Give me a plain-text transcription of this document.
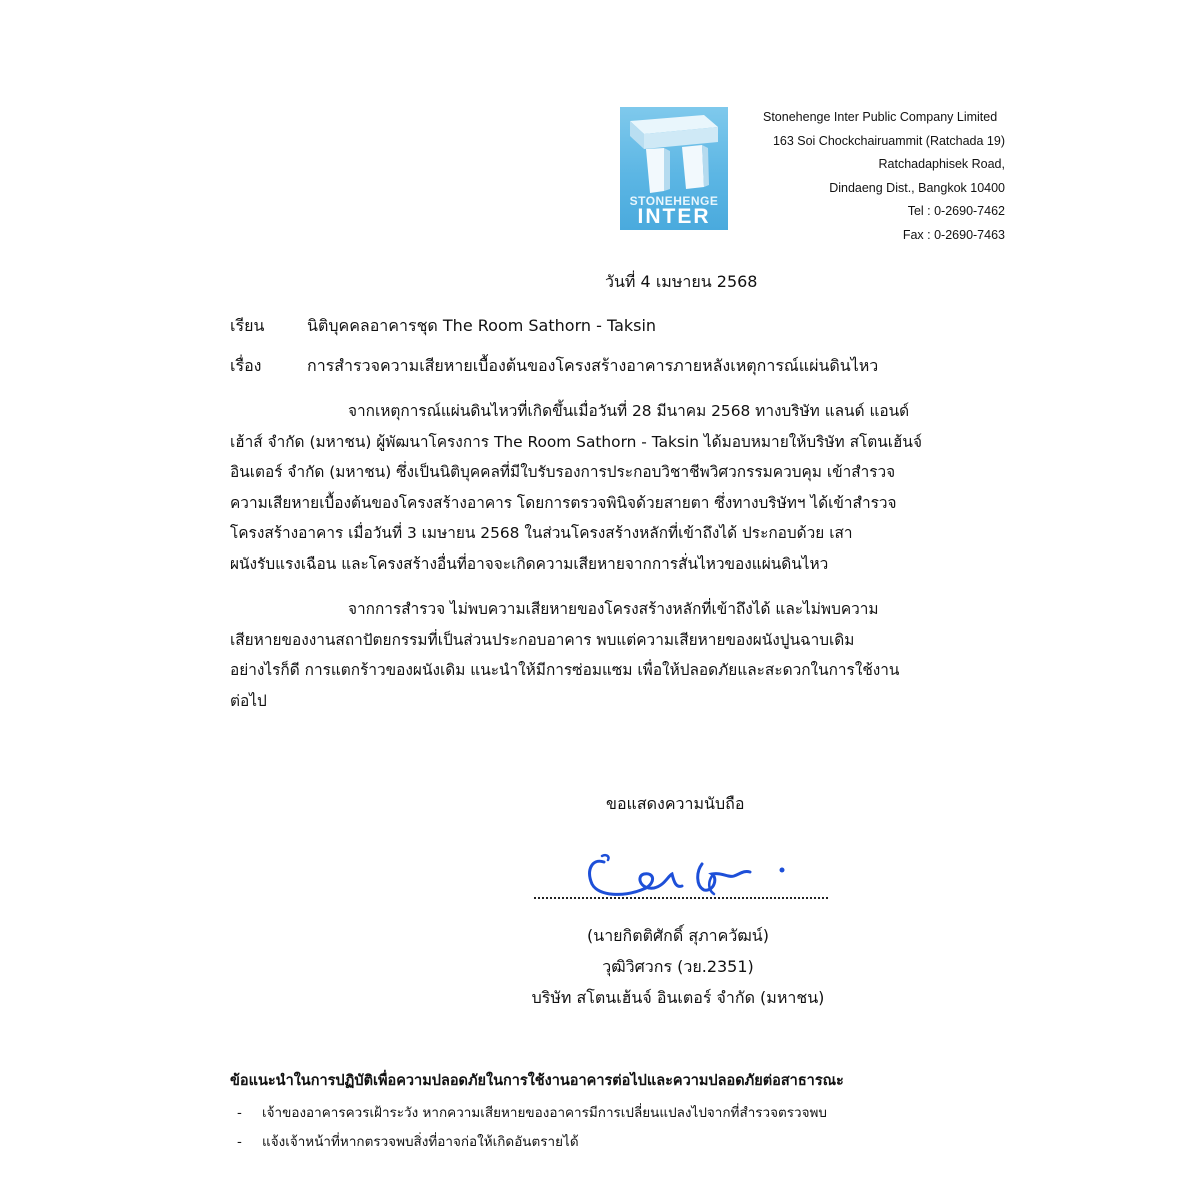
STONEHENGE
INTER
Stonehenge Inter Public Company Limited
163 Soi Chockchairuammit (Ratchada 19)
Ratchadaphisek Road,
Dindaeng Dist., Bangkok 10400
Tel : 0-2690-7462
Fax : 0-2690-7463
วันที่ 4 เมษายน 2568
เรียน	นิติบุคคลอาคารชุด The Room Sathorn - Taksin
เรื่อง	การสำรวจความเสียหายเบื้องต้นของโครงสร้างอาคารภายหลังเหตุการณ์แผ่นดินไหว
จากเหตุการณ์แผ่นดินไหวที่เกิดขึ้นเมื่อวันที่ 28 มีนาคม 2568 ทางบริษัท แลนด์ แอนด์
เฮ้าส์ จำกัด (มหาชน) ผู้พัฒนาโครงการ The Room Sathorn - Taksin ได้มอบหมายให้บริษัท สโตนเฮ้นจ์
อินเตอร์ จำกัด (มหาชน) ซึ่งเป็นนิติบุคคลที่มีใบรับรองการประกอบวิชาชีพวิศวกรรมควบคุม เข้าสำรวจ
ความเสียหายเบื้องต้นของโครงสร้างอาคาร โดยการตรวจพินิจด้วยสายตา ซึ่งทางบริษัทฯ ได้เข้าสำรวจ
โครงสร้างอาคาร เมื่อวันที่ 3 เมษายน 2568 ในส่วนโครงสร้างหลักที่เข้าถึงได้ ประกอบด้วย เสา
ผนังรับแรงเฉือน และโครงสร้างอื่นที่อาจจะเกิดความเสียหายจากการสั่นไหวของแผ่นดินไหว
จากการสำรวจ ไม่พบความเสียหายของโครงสร้างหลักที่เข้าถึงได้ และไม่พบความ
เสียหายของงานสถาปัตยกรรมที่เป็นส่วนประกอบอาคาร พบแต่ความเสียหายของผนังปูนฉาบเดิม
อย่างไรก็ดี การแตกร้าวของผนังเดิม แนะนำให้มีการซ่อมแซม เพื่อให้ปลอดภัยและสะดวกในการใช้งาน
ต่อไป
ขอแสดงความนับถือ
(นายกิตติศักดิ์ สุภาควัฒน์)
วุฒิวิศวกร (วย.2351)
บริษัท สโตนเฮ้นจ์ อินเตอร์ จำกัด (มหาชน)
ข้อแนะนำในการปฏิบัติเพื่อความปลอดภัยในการใช้งานอาคารต่อไปและความปลอดภัยต่อสาธารณะ
- เจ้าของอาคารควรเฝ้าระวัง หากความเสียหายของอาคารมีการเปลี่ยนแปลงไปจากที่สำรวจตรวจพบ
- แจ้งเจ้าหน้าที่หากตรวจพบสิ่งที่อาจก่อให้เกิดอันตรายได้
